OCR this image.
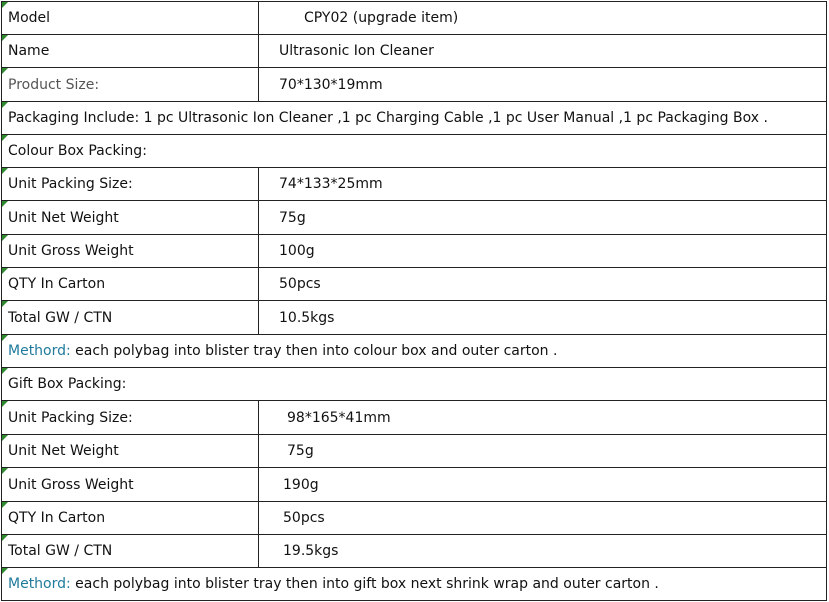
Model	CPY02 (upgrade item)
Name	Ultrasonic Ion Cleaner
Product Size:	70*130*19mm
Packaging Include: 1 pc Ultrasonic Ion Cleaner ,1 pc Charging Cable ,1 pc User Manual ,1 pc Packaging Box .
Colour Box Packing:
Unit Packing Size:	74*133*25mm
Unit Net Weight	75g
Unit Gross Weight	100g
QTY In Carton	50pcs
Total GW / CTN	10.5kgs
Methord: each polybag into blister tray then into colour box and outer carton .
Gift Box Packing:
Unit Packing Size:	98*165*41mm
Unit Net Weight	75g
Unit Gross Weight	190g
QTY In Carton	50pcs
Total GW / CTN	19.5kgs
Methord: each polybag into blister tray then into gift box next shrink wrap and outer carton .
